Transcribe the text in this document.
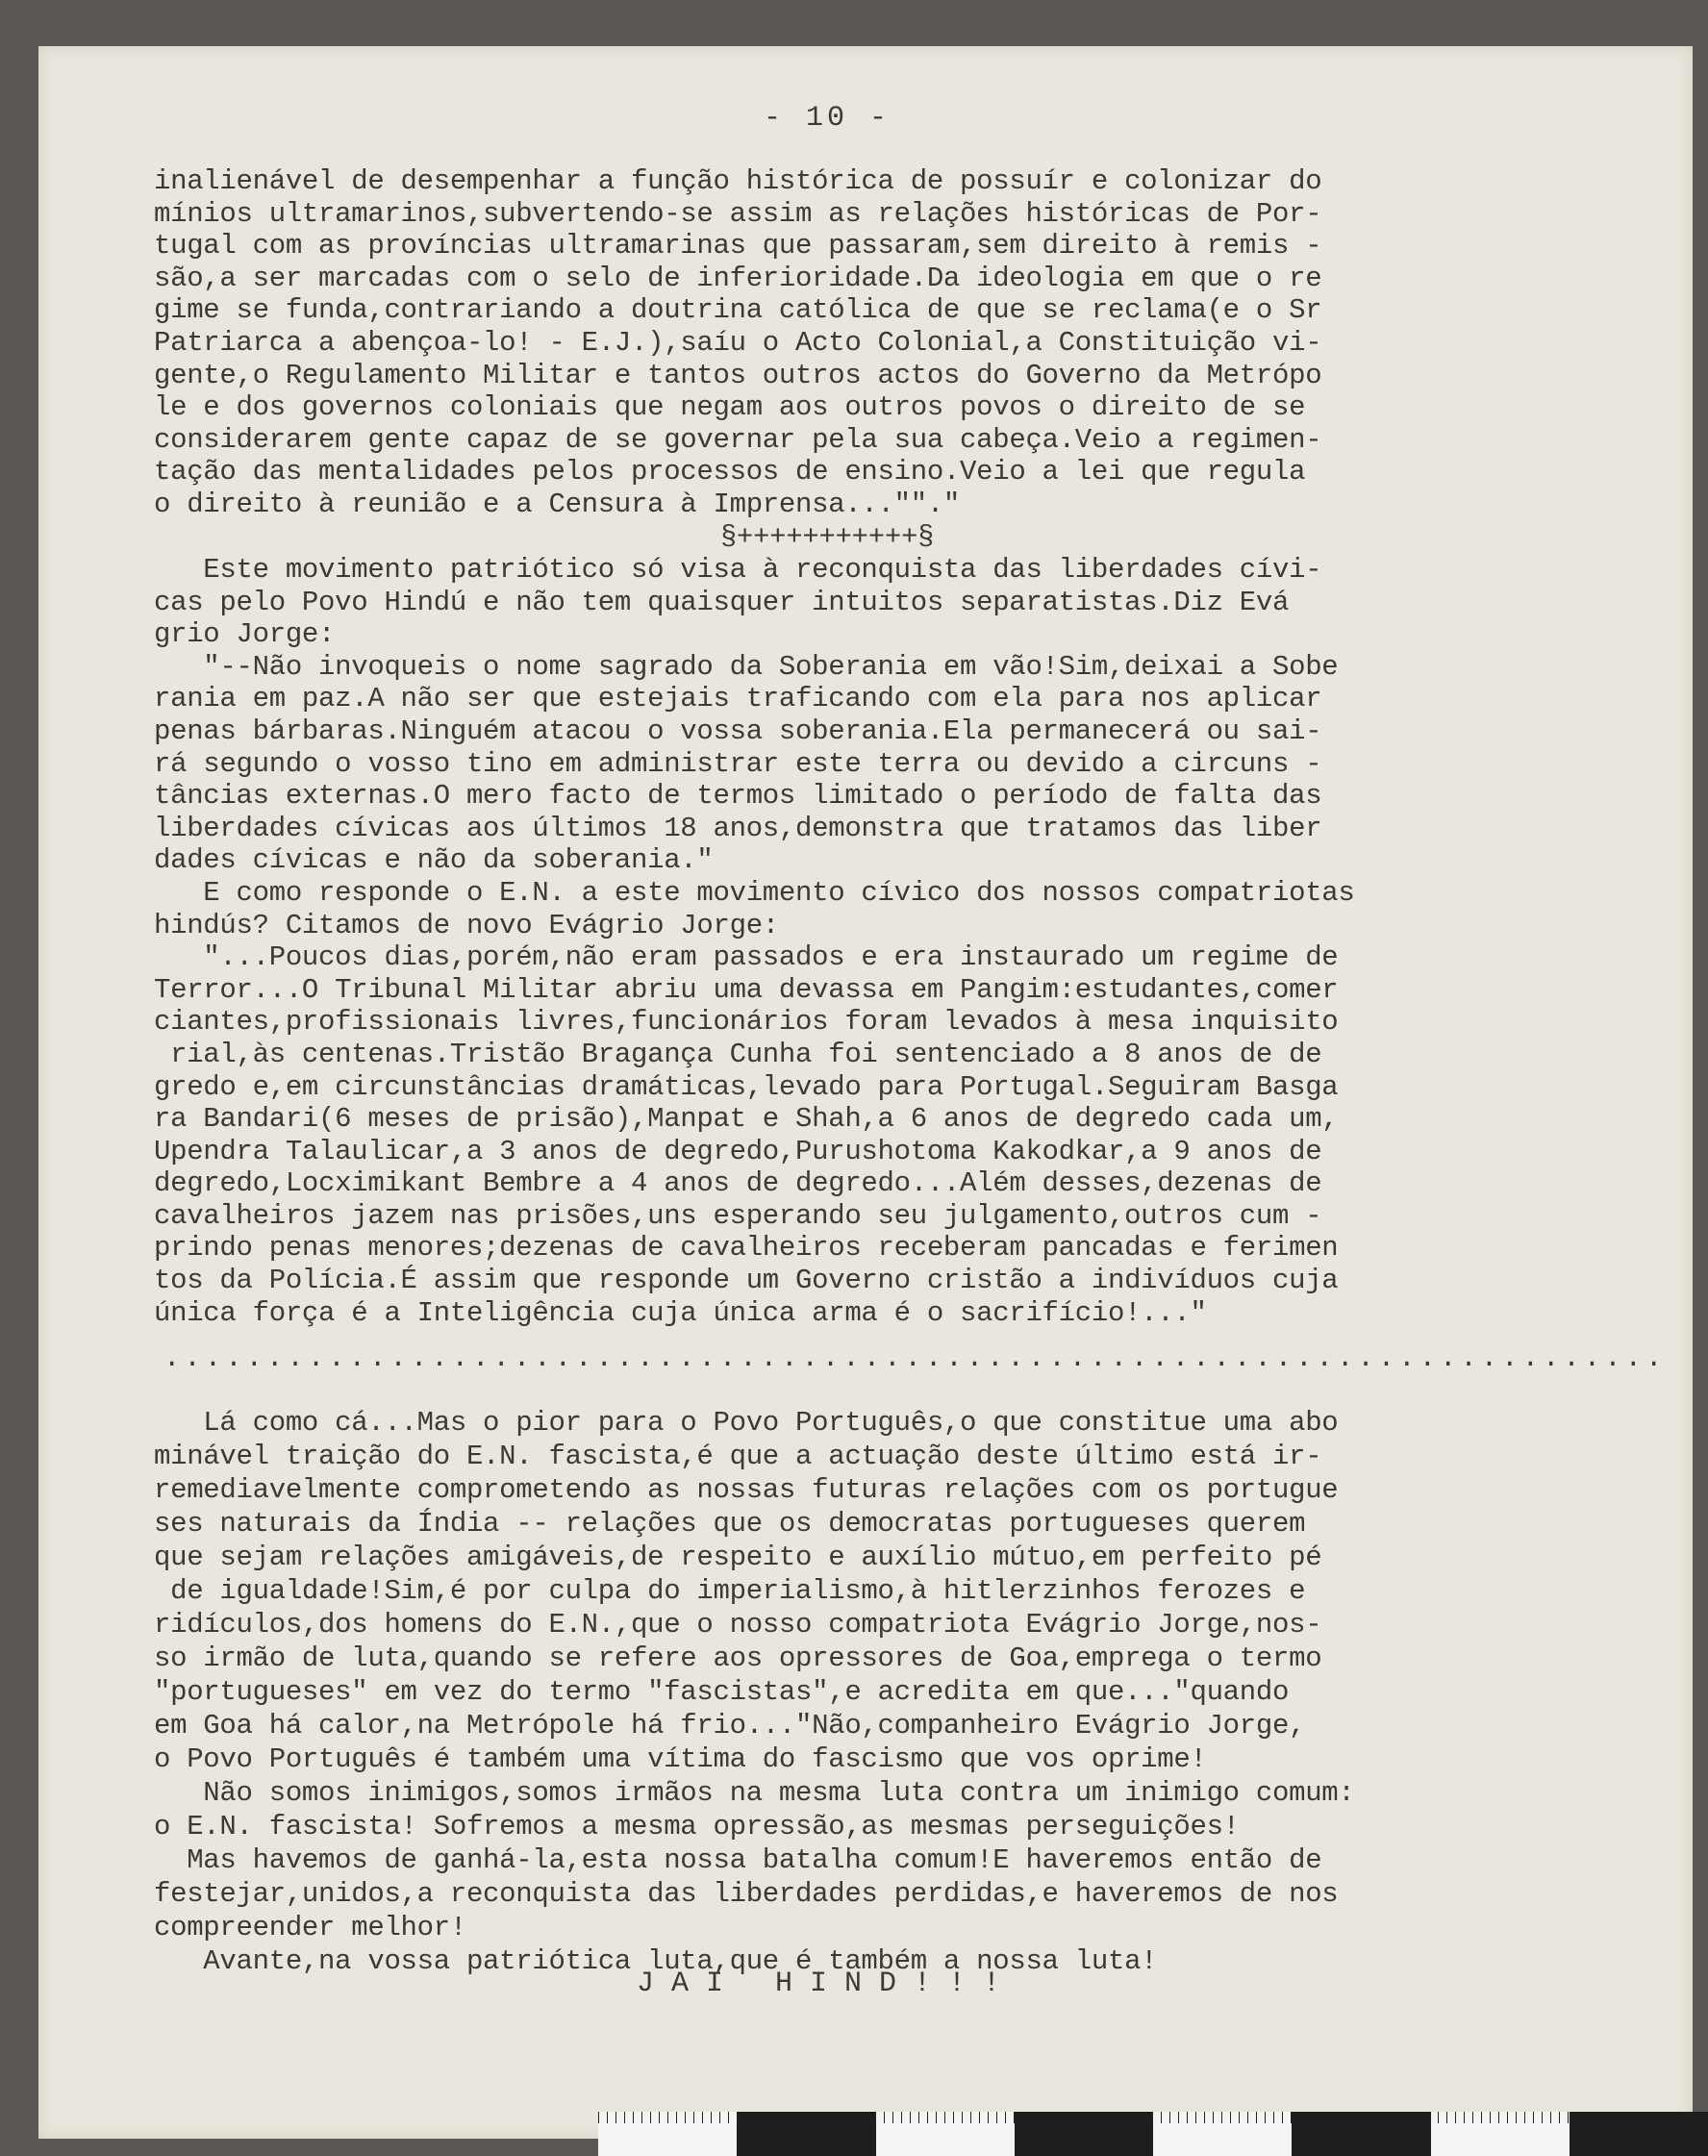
- 10 -
inalienável de desempenhar a função histórica de possuír e colonizar do
mínios ultramarinos,subvertendo-se assim as relações históricas de Por-
tugal com as províncias ultramarinas que passaram,sem direito à remis -
são,a ser marcadas com o selo de inferioridade.Da ideologia em que o re
gime se funda,contrariando a doutrina católica de que se reclama(e o Sr
Patriarca a abençoa-lo! - E.J.),saíu o Acto Colonial,a Constituição vi-
gente,o Regulamento Militar e tantos outros actos do Governo da Metrópo
le e dos governos coloniais que negam aos outros povos o direito de se
considerarem gente capaz de se governar pela sua cabeça.Veio a regimen-
tação das mentalidades pelos processos de ensino.Veio a lei que regula
o direito à reunião e a Censura à Imprensa...""."
§+++++++++++§
Este movimento patriótico só visa à reconquista das liberdades cívi-
cas pelo Povo Hindú e não tem quaisquer intuitos separatistas.Diz Evá
grio Jorge:
"--Não invoqueis o nome sagrado da Soberania em vão!Sim,deixai a Sobe
rania em paz.A não ser que estejais traficando com ela para nos aplicar
penas bárbaras.Ninguém atacou o vossa soberania.Ela permanecerá ou sai-
rá segundo o vosso tino em administrar este terra ou devido a circuns -
tâncias externas.O mero facto de termos limitado o período de falta das
liberdades cívicas aos últimos 18 anos,demonstra que tratamos das liber
dades cívicas e não da soberania."
E como responde o E.N. a este movimento cívico dos nossos compatriotas
hindús? Citamos de novo Evágrio Jorge:
"...Poucos dias,porém,não eram passados e era instaurado um regime de
Terror...O Tribunal Militar abriu uma devassa em Pangim:estudantes,comer
ciantes,profissionais livres,funcionários foram levados à mesa inquisito
rial,às centenas.Tristão Bragança Cunha foi sentenciado a 8 anos de de
gredo e,em circunstâncias dramáticas,levado para Portugal.Seguiram Basga
ra Bandari(6 meses de prisão),Manpat e Shah,a 6 anos de degredo cada um,
Upendra Talaulicar,a 3 anos de degredo,Purushotoma Kakodkar,a 9 anos de
degredo,Locximikant Bembre a 4 anos de degredo...Além desses,dezenas de
cavalheiros jazem nas prisões,uns esperando seu julgamento,outros cum -
prindo penas menores;dezenas de cavalheiros receberam pancadas e ferimen
tos da Polícia.É assim que responde um Governo cristão a indivíduos cuja
única força é a Inteligência cuja única arma é o sacrifício!..."
.........................................................................
Lá como cá...Mas o pior para o Povo Português,o que constitue uma abo
minável traição do E.N. fascista,é que a actuação deste último está ir-
remediavelmente comprometendo as nossas futuras relações com os portugue
ses naturais da Índia -- relações que os democratas portugueses querem
que sejam relações amigáveis,de respeito e auxílio mútuo,em perfeito pé
de igualdade!Sim,é por culpa do imperialismo,à hitlerzinhos ferozes e
ridículos,dos homens do E.N.,que o nosso compatriota Evágrio Jorge,nos-
so irmão de luta,quando se refere aos opressores de Goa,emprega o termo
"portugueses" em vez do termo "fascistas",e acredita em que..."quando
em Goa há calor,na Metrópole há frio..."Não,companheiro Evágrio Jorge,
o Povo Português é também uma vítima do fascismo que vos oprime!
Não somos inimigos,somos irmãos na mesma luta contra um inimigo comum:
o E.N. fascista! Sofremos a mesma opressão,as mesmas perseguições!
Mas havemos de ganhá-la,esta nossa batalha comum!E haveremos então de
festejar,unidos,a reconquista das liberdades perdidas,e haveremos de nos
compreender melhor!
Avante,na vossa patriótica luta,que é também a nossa luta!
JAI HIND!!!
